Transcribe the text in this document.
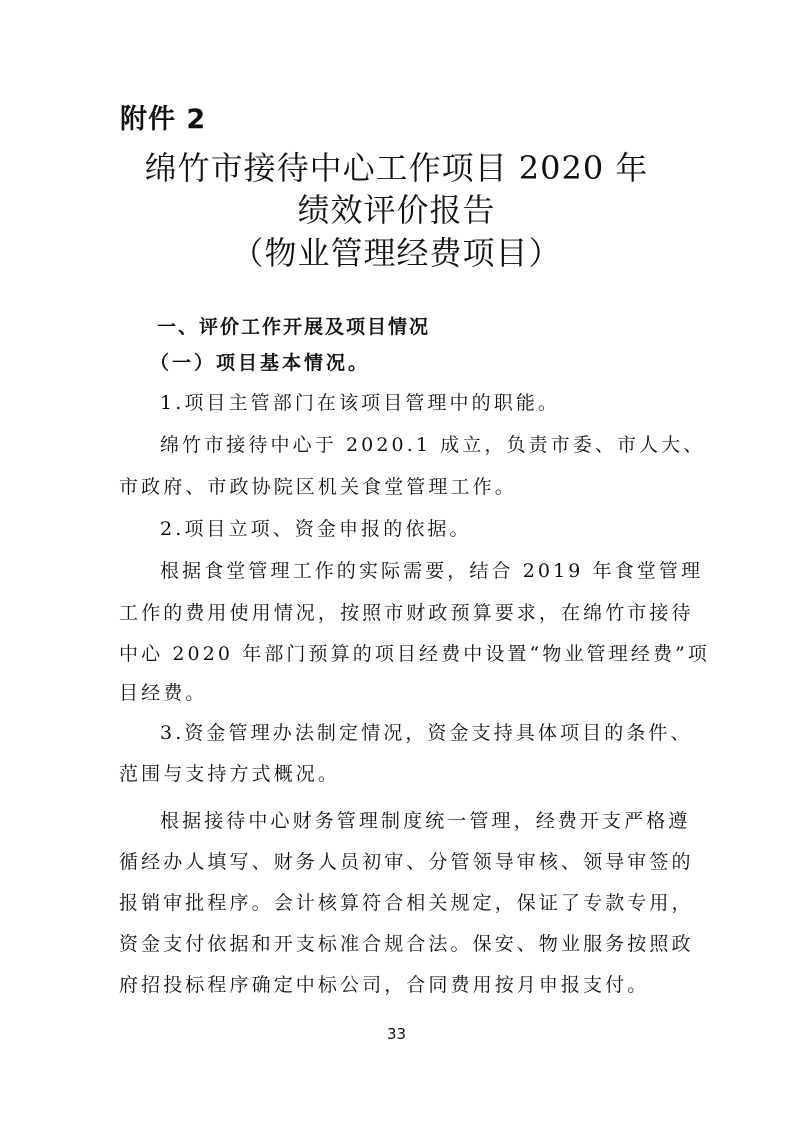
附件 2
绵竹市接待中心工作项目 2020 年
绩效评价报告
（物业管理经费项目）
一、评价工作开展及项目情况
（一）项目基本情况。
1.项目主管部门在该项目管理中的职能。
绵竹市接待中心于 2020.1 成立，负责市委、市人大、
市政府、市政协院区机关食堂管理工作。
2.项目立项、资金申报的依据。
根据食堂管理工作的实际需要，结合 2019 年食堂管理
工作的费用使用情况，按照市财政预算要求，在绵竹市接待
中心 2020 年部门预算的项目经费中设置“物业管理经费”项
目经费。
3.资金管理办法制定情况，资金支持具体项目的条件、
范围与支持方式概况。
根据接待中心财务管理制度统一管理，经费开支严格遵
循经办人填写、财务人员初审、分管领导审核、领导审签的
报销审批程序。会计核算符合相关规定，保证了专款专用，
资金支付依据和开支标准合规合法。保安、物业服务按照政
府招投标程序确定中标公司，合同费用按月申报支付。
33
